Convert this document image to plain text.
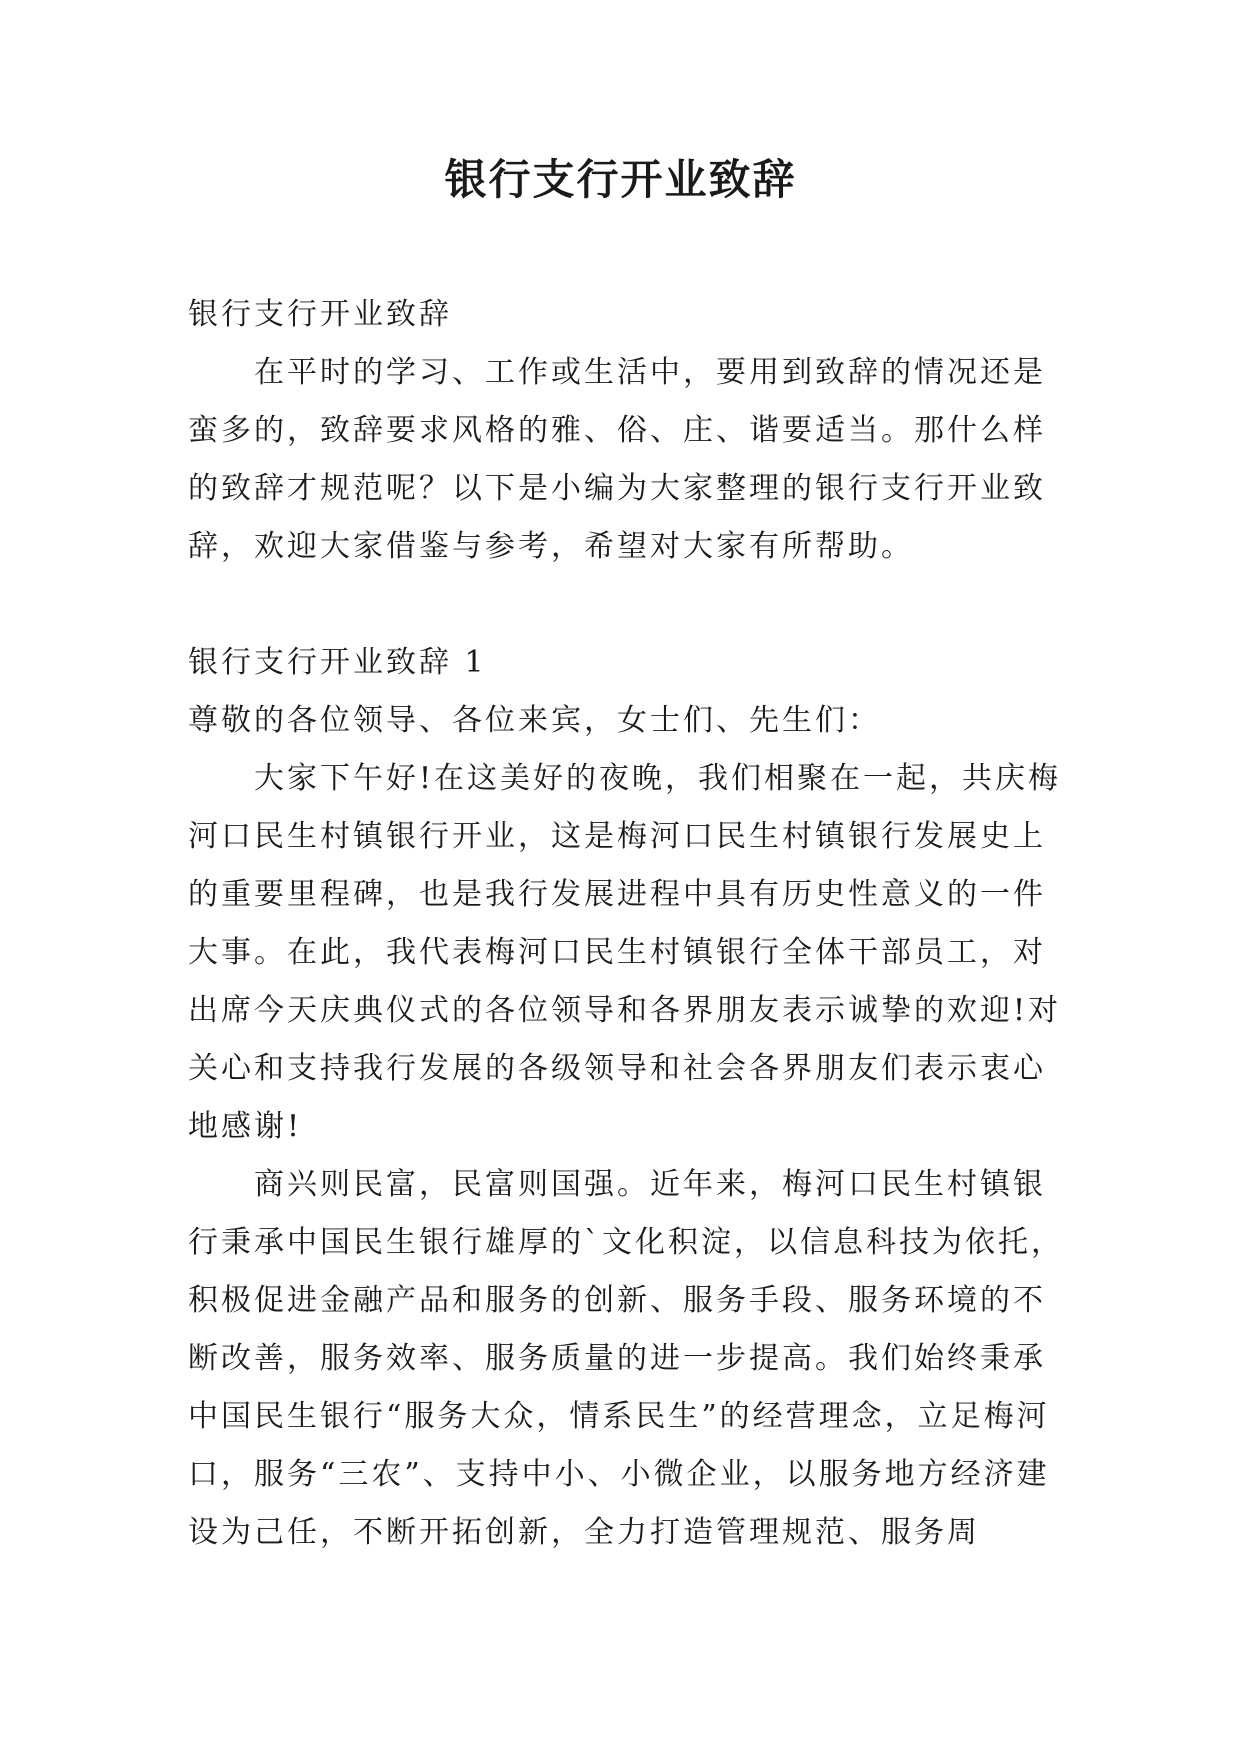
银行支行开业致辞

银行支行开业致辞

在平时的学习、工作或生活中，要用到致辞的情况还是蛮多的，致辞要求风格的雅、俗、庄、谐要适当。那什么样的致辞才规范呢？以下是小编为大家整理的银行支行开业致辞，欢迎大家借鉴与参考，希望对大家有所帮助。

银行支行开业致辞 1

尊敬的各位领导、各位来宾，女士们、先生们：

大家下午好!在这美好的夜晚，我们相聚在一起，共庆梅河口民生村镇银行开业，这是梅河口民生村镇银行发展史上的重要里程碑，也是我行发展进程中具有历史性意义的一件大事。在此，我代表梅河口民生村镇银行全体干部员工，对出席今天庆典仪式的各位领导和各界朋友表示诚挚的欢迎!对关心和支持我行发展的各级领导和社会各界朋友们表示衷心地感谢!

商兴则民富，民富则国强。近年来，梅河口民生村镇银行秉承中国民生银行雄厚的`文化积淀，以信息科技为依托，积极促进金融产品和服务的创新、服务手段、服务环境的不断改善，服务效率、服务质量的进一步提高。我们始终秉承中国民生银行“服务大众，情系民生”的经营理念，立足梅河口，服务“三农”、支持中小、小微企业，以服务地方经济建设为己任，不断开拓创新，全力打造管理规范、服务周
